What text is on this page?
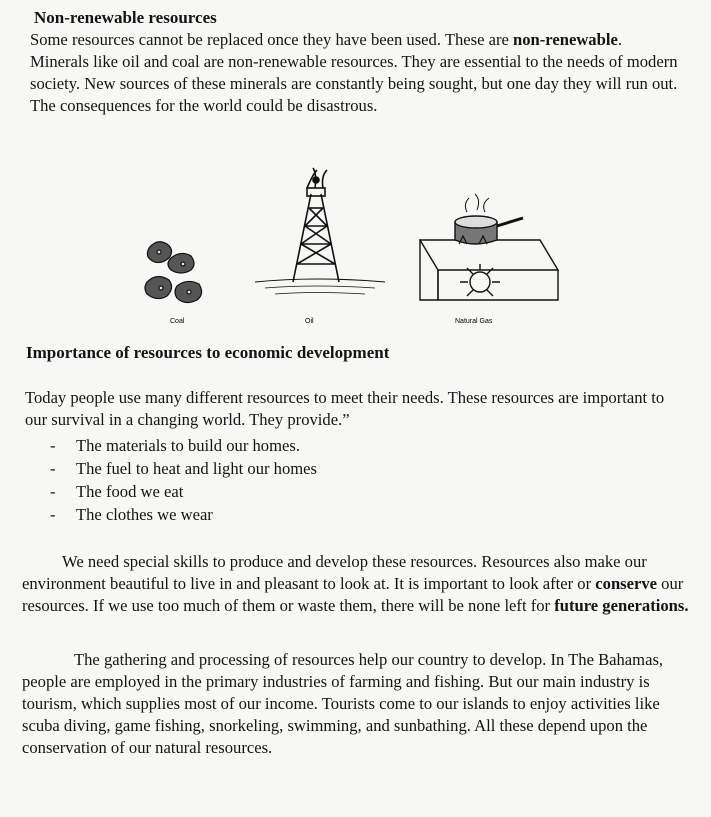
Non-renewable resources

Some resources cannot be replaced once they have been used. These are non-renewable. Minerals like oil and coal are non-renewable resources. They are essential to the needs of modern society. New sources of these minerals are constantly being sought, but one day they will run out. The consequences for the world could be disastrous.

Coal	Oil	Natural Gas
Importance of resources to economic development

Today people use many different resources to meet their needs. These resources are important to our survival in a changing world. They provide.”

-	The materials to build our homes.
-	The fuel to heat and light our homes
-	The food we eat
-	The clothes we wear

We need special skills to produce and develop these resources. Resources also make our environment beautiful to live in and pleasant to look at. It is important to look after or conserve our resources. If we use too much of them or waste them, there will be none left for future generations.

The gathering and processing of resources help our country to develop. In The Bahamas, people are employed in the primary industries of farming and fishing. But our main industry is tourism, which supplies most of our income. Tourists come to our islands to enjoy activities like scuba diving, game fishing, snorkeling, swimming, and sunbathing. All these depend upon the conservation of our natural resources.
